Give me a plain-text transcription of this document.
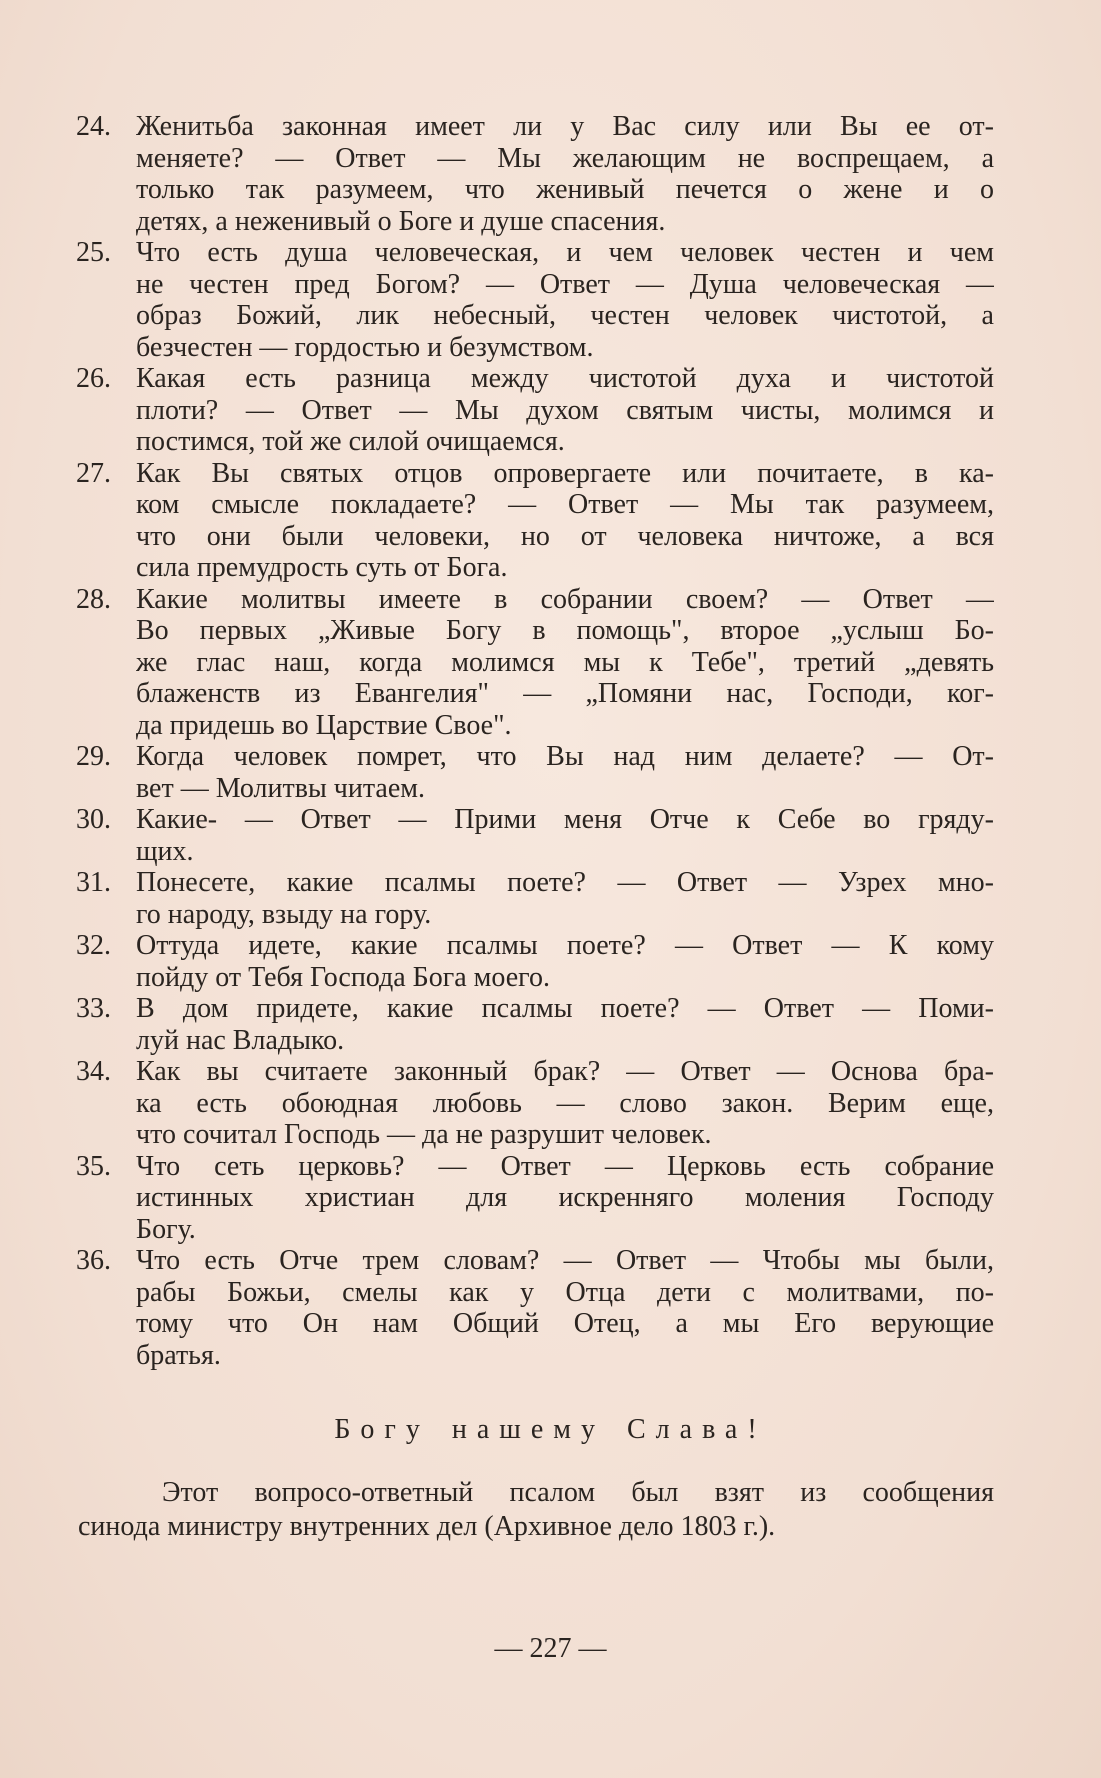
24. Женитьба законная имеет ли у Вас силу или Вы ее от-
меняете? — Ответ — Мы желающим не воспрещаем, а
только так разумеем, что женивый печется о жене и о
детях, а неженивый о Боге и душе спасения.
25. Что есть душа человеческая, и чем человек честен и чем
не честен пред Богом? — Ответ — Душа человеческая —
образ Божий, лик небесный, честен человек чистотой, а
безчестен — гордостью и безумством.
26. Какая есть разница между чистотой духа и чистотой
плоти? — Ответ — Мы духом святым чисты, молимся и
постимся, той же силой очищаемся.
27. Как Вы святых отцов опровергаете или почитаете, в ка-
ком смысле покладаете? — Ответ — Мы так разумеем,
что они были человеки, но от человека ничтоже, а вся
сила премудрость суть от Бога.
28. Какие молитвы имеете в собрании своем? — Ответ —
Во первых „Живые Богу в помощь", второе „услыш Бо-
же глас наш, когда молимся мы к Тебе", третий „девять
блаженств из Евангелия" — „Помяни нас, Господи, ког-
да придешь во Царствие Свое".
29. Когда человек помрет, что Вы над ним делаете? — От-
вет — Молитвы читаем.
30. Какие- — Ответ — Прими меня Отче к Себе во гряду-
щих.
31. Понесете, какие псалмы поете? — Ответ — Узрех мно-
го народу, взыду на гору.
32. Оттуда идете, какие псалмы поете? — Ответ — К кому
пойду от Тебя Господа Бога моего.
33. В дом придете, какие псалмы поете? — Ответ — Поми-
луй нас Владыко.
34. Как вы считаете законный брак? — Ответ — Основа бра-
ка есть обоюдная любовь — слово закон. Верим еще,
что сочитал Господь — да не разрушит человек.
35. Что сеть церковь? — Ответ — Церковь есть собрание
истинных христиан для искренняго моления Господу
Богу.
36. Что есть Отче трем словам? — Ответ — Чтобы мы были,
рабы Божьи, смелы как у Отца дети с молитвами, по-
тому что Он нам Общий Отец, а мы Его верующие
братья.
Богу нашему Слава!
Этот вопросо-ответный псалом был взят из сообщения
синода министру внутренних дел (Архивное дело 1803 г.).
— 227 —
